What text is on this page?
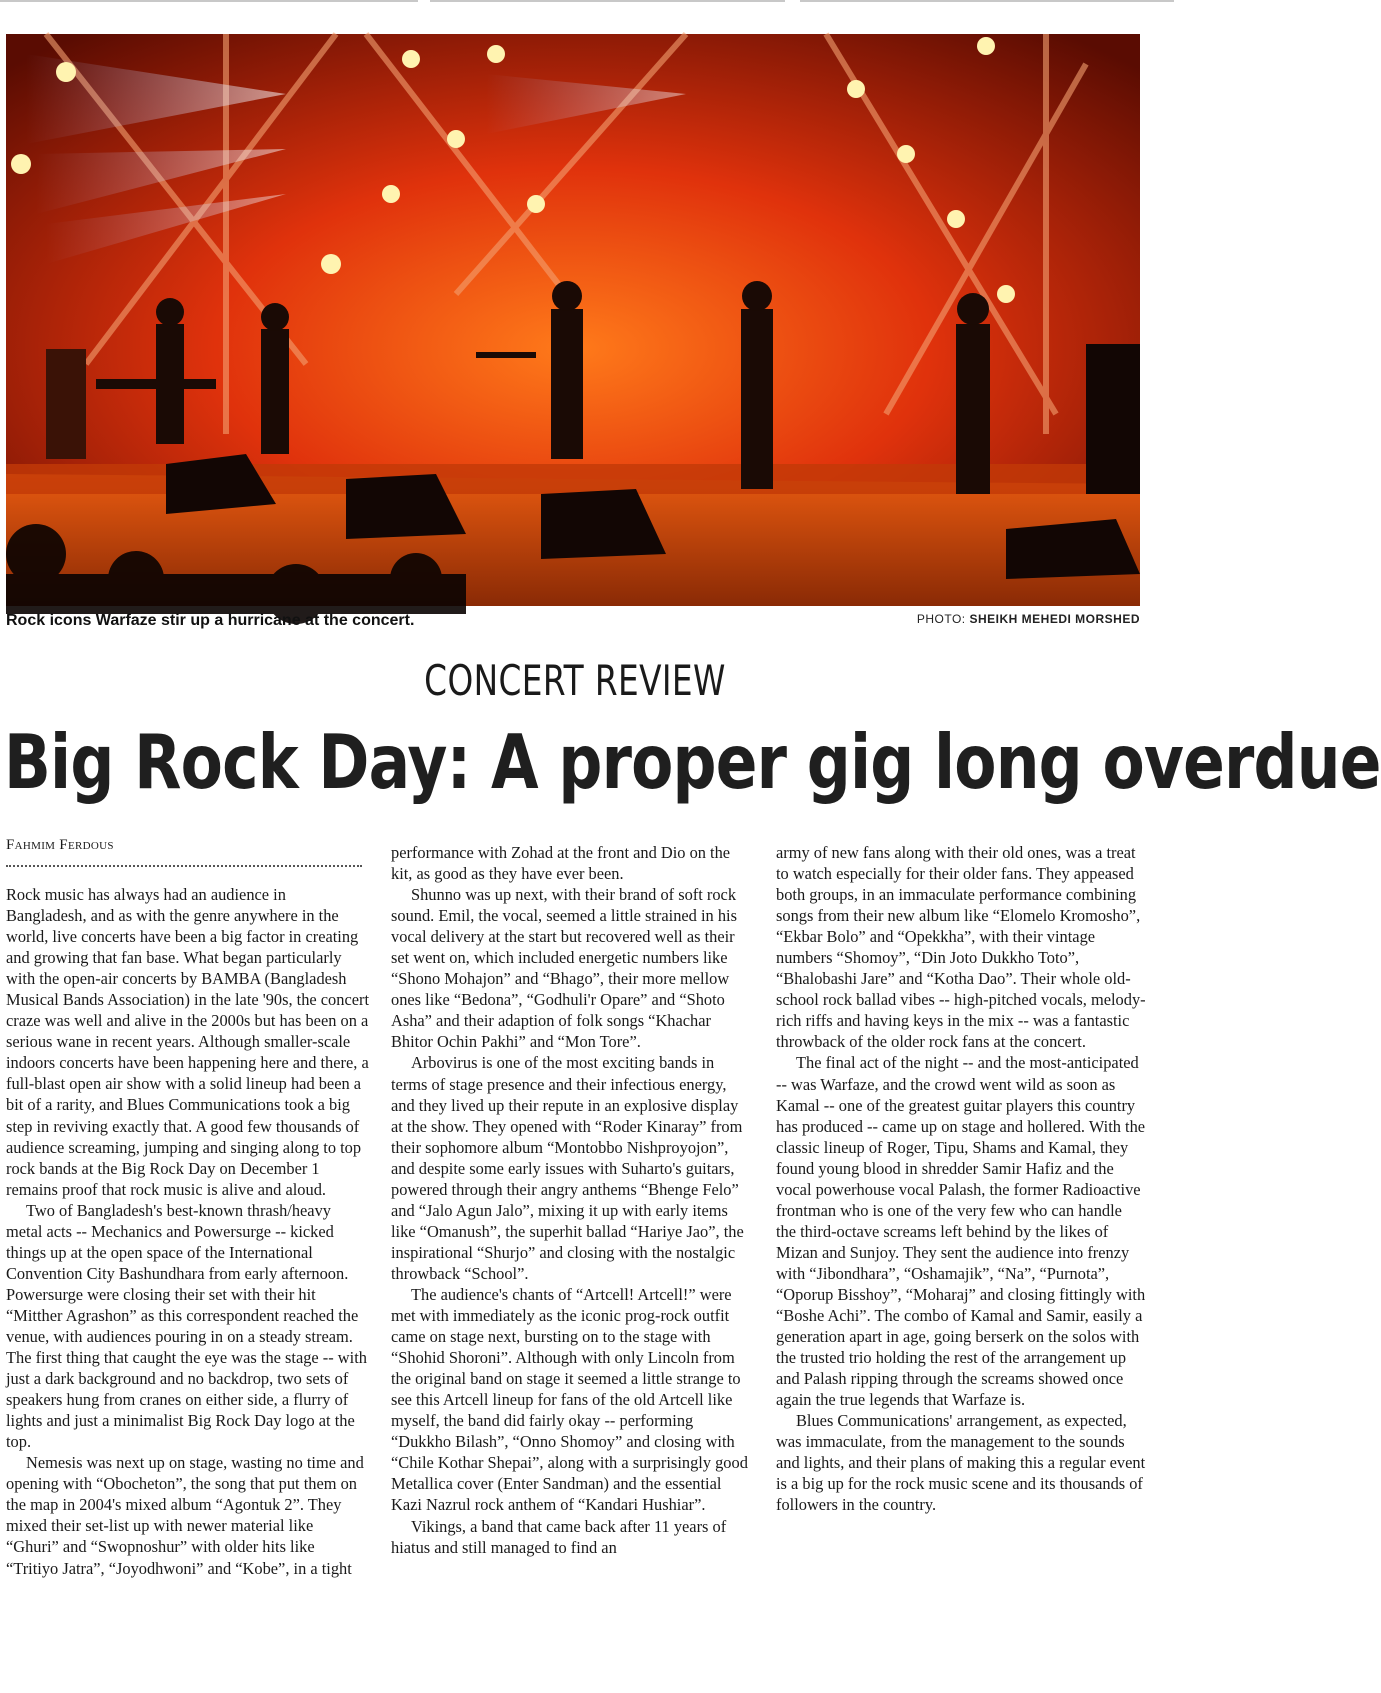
Rock icons Warfaze stir up a hurricane at the concert.	PHOTO: SHEIKH MEHEDI MORSHED
CONCERT REVIEW
Big Rock Day: A proper gig long overdue
Fahmim Ferdous

Rock music has always had an audience in Bangladesh, and as with the genre anywhere in the world, live concerts have been a big factor in creating and growing that fan base. What began particularly with the open-air concerts by BAMBA (Bangladesh Musical Bands Association) in the late '90s, the concert craze was well and alive in the 2000s but has been on a serious wane in recent years. Although smaller-scale indoors concerts have been happening here and there, a full-blast open air show with a solid lineup had been a bit of a rarity, and Blues Communications took a big step in reviving exactly that. A good few thousands of audience screaming, jumping and singing along to top rock bands at the Big Rock Day on December 1 remains proof that rock music is alive and aloud.

Two of Bangladesh's best-known thrash/heavy metal acts -- Mechanics and Powersurge -- kicked things up at the open space of the International Convention City Bashundhara from early afternoon. Powersurge were closing their set with their hit “Mitther Agrashon” as this correspondent reached the venue, with audiences pouring in on a steady stream. The first thing that caught the eye was the stage -- with just a dark background and no backdrop, two sets of speakers hung from cranes on either side, a flurry of lights and just a minimalist Big Rock Day logo at the top.

Nemesis was next up on stage, wasting no time and opening with “Obocheton”, the song that put them on the map in 2004's mixed album “Agontuk 2”. They mixed their set-list up with newer material like “Ghuri” and “Swopnoshur” with older hits like “Tritiyo Jatra”, “Joyodhwoni” and “Kobe”, in a tight

performance with Zohad at the front and Dio on the kit, as good as they have ever been.

Shunno was up next, with their brand of soft rock sound. Emil, the vocal, seemed a little strained in his vocal delivery at the start but recovered well as their set went on, which included energetic numbers like “Shono Mohajon” and “Bhago”, their more mellow ones like “Bedona”, “Godhuli'r Opare” and “Shoto Asha” and their adaption of folk songs “Khachar Bhitor Ochin Pakhi” and “Mon Tore”.

Arbovirus is one of the most exciting bands in terms of stage presence and their infectious energy, and they lived up their repute in an explosive display at the show. They opened with “Roder Kinaray” from their sophomore album “Montobbo Nishproyojon”, and despite some early issues with Suharto's guitars, powered through their angry anthems “Bhenge Felo” and “Jalo Agun Jalo”, mixing it up with early items like “Omanush”, the superhit ballad “Hariye Jao”, the inspirational “Shurjo” and closing with the nostalgic throwback “School”.

The audience's chants of “Artcell! Artcell!” were met with immediately as the iconic prog-rock outfit came on stage next, bursting on to the stage with “Shohid Shoroni”. Although with only Lincoln from the original band on stage it seemed a little strange to see this Artcell lineup for fans of the old Artcell like myself, the band did fairly okay -- performing “Dukkho Bilash”, “Onno Shomoy” and closing with “Chile Kothar Shepai”, along with a surprisingly good Metallica cover (Enter Sandman) and the essential Kazi Nazrul rock anthem of “Kandari Hushiar”.

Vikings, a band that came back after 11 years of hiatus and still managed to find an

army of new fans along with their old ones, was a treat to watch especially for their older fans. They appeased both groups, in an immaculate performance combining songs from their new album like “Elomelo Kromosho”, “Ekbar Bolo” and “Opekkha”, with their vintage numbers “Shomoy”, “Din Joto Dukkho Toto”, “Bhalobashi Jare” and “Kotha Dao”. Their whole old-school rock ballad vibes -- high-pitched vocals, melody-rich riffs and having keys in the mix -- was a fantastic throwback of the older rock fans at the concert.

The final act of the night -- and the most-anticipated -- was Warfaze, and the crowd went wild as soon as Kamal -- one of the greatest guitar players this country has produced -- came up on stage and hollered. With the classic lineup of Roger, Tipu, Shams and Kamal, they found young blood in shredder Samir Hafiz and the vocal powerhouse vocal Palash, the former Radioactive frontman who is one of the very few who can handle the third-octave screams left behind by the likes of Mizan and Sunjoy. They sent the audience into frenzy with “Jibondhara”, “Oshamajik”, “Na”, “Purnota”, “Oporup Bisshoy”, “Moharaj” and closing fittingly with “Boshe Achi”. The combo of Kamal and Samir, easily a generation apart in age, going berserk on the solos with the trusted trio holding the rest of the arrangement up and Palash ripping through the screams showed once again the true legends that Warfaze is.

Blues Communications' arrangement, as expected, was immaculate, from the management to the sounds and lights, and their plans of making this a regular event is a big up for the rock music scene and its thousands of followers in the country.
